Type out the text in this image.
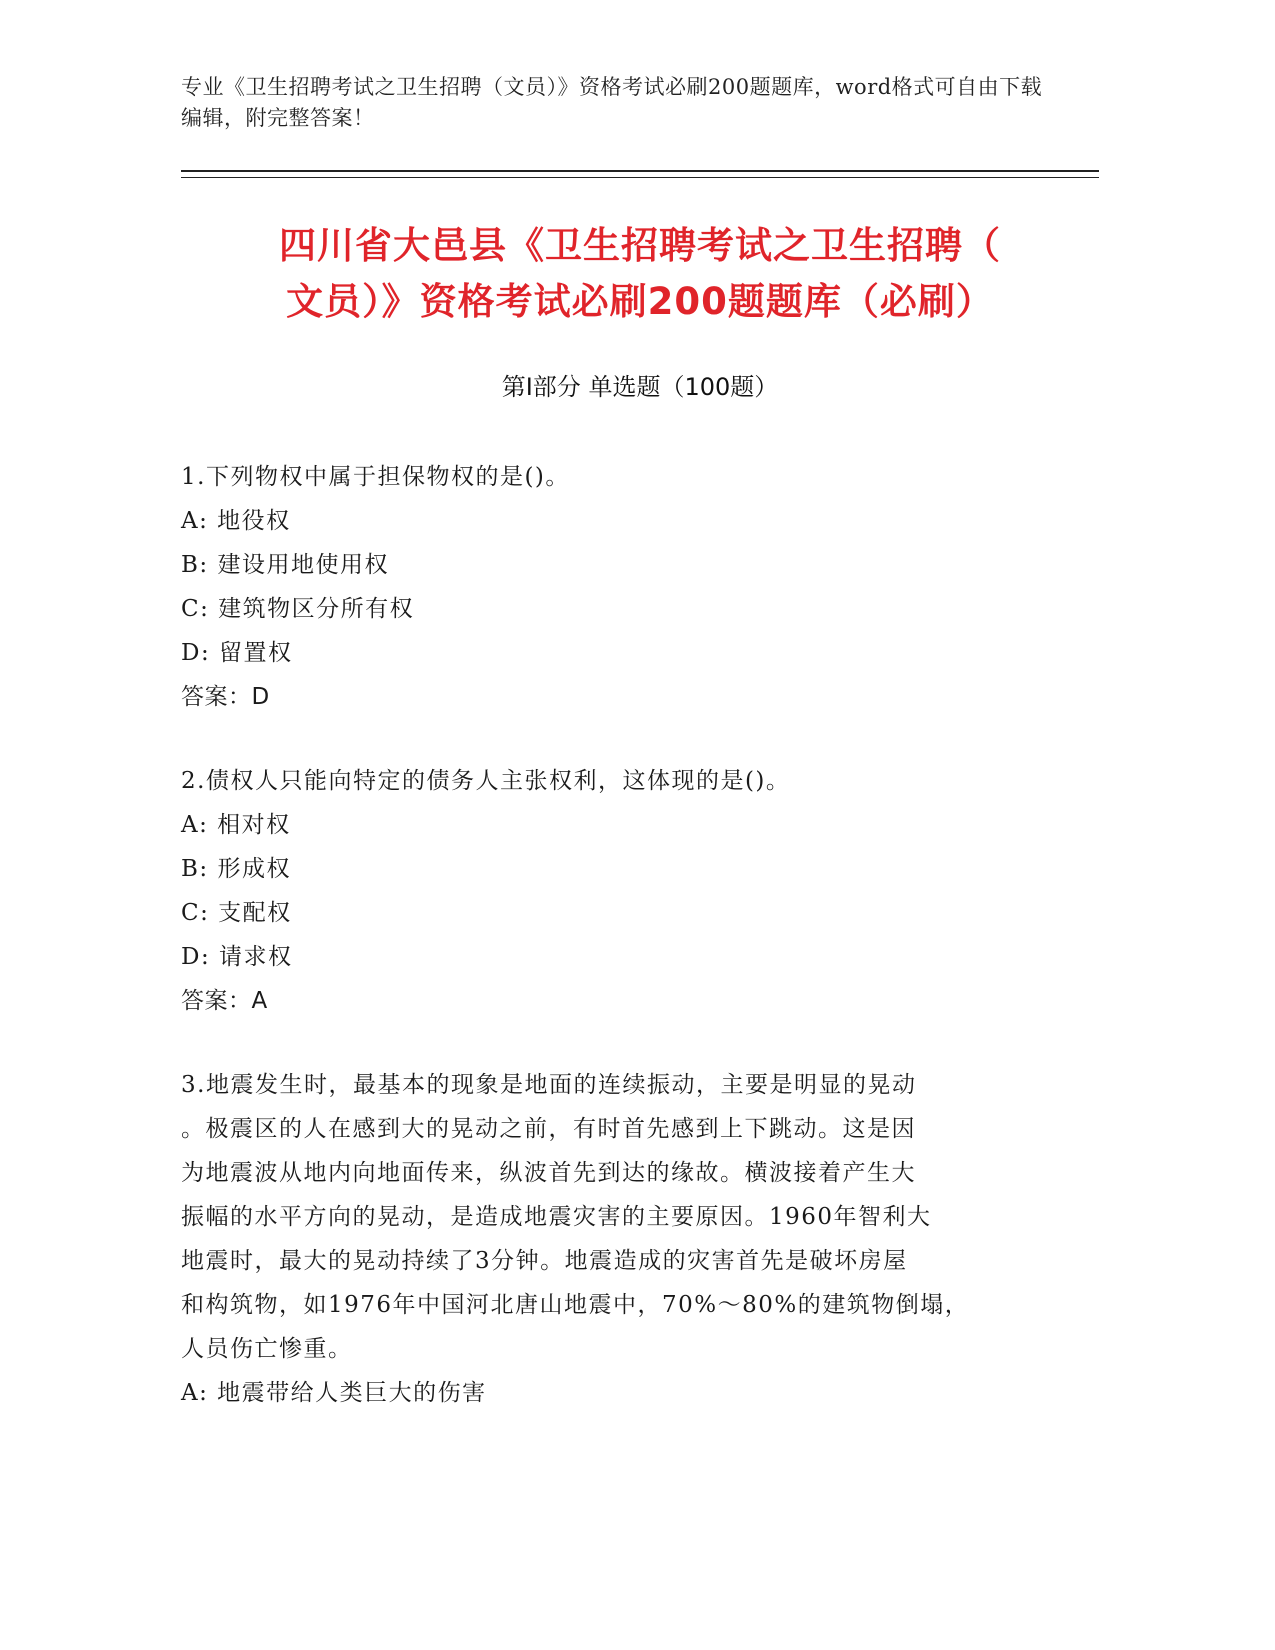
专业《卫生招聘考试之卫生招聘（文员）》资格考试必刷200题题库，word格式可自由下载编辑，附完整答案！
四川省大邑县《卫生招聘考试之卫生招聘（
文员）》资格考试必刷200题题库（必刷）
第I部分 单选题（100题）
1.下列物权中属于担保物权的是()。
A: 地役权
B: 建设用地使用权
C: 建筑物区分所有权
D: 留置权
答案：D
2.债权人只能向特定的债务人主张权利，这体现的是()。
A: 相对权
B: 形成权
C: 支配权
D: 请求权
答案：A
3.地震发生时，最基本的现象是地面的连续振动，主要是明显的晃动
。极震区的人在感到大的晃动之前，有时首先感到上下跳动。这是因
为地震波从地内向地面传来，纵波首先到达的缘故。横波接着产生大
振幅的水平方向的晃动，是造成地震灾害的主要原因。1960年智利大
地震时，最大的晃动持续了3分钟。地震造成的灾害首先是破坏房屋
和构筑物，如1976年中国河北唐山地震中，70%～80%的建筑物倒塌，
人员伤亡惨重。
A: 地震带给人类巨大的伤害
